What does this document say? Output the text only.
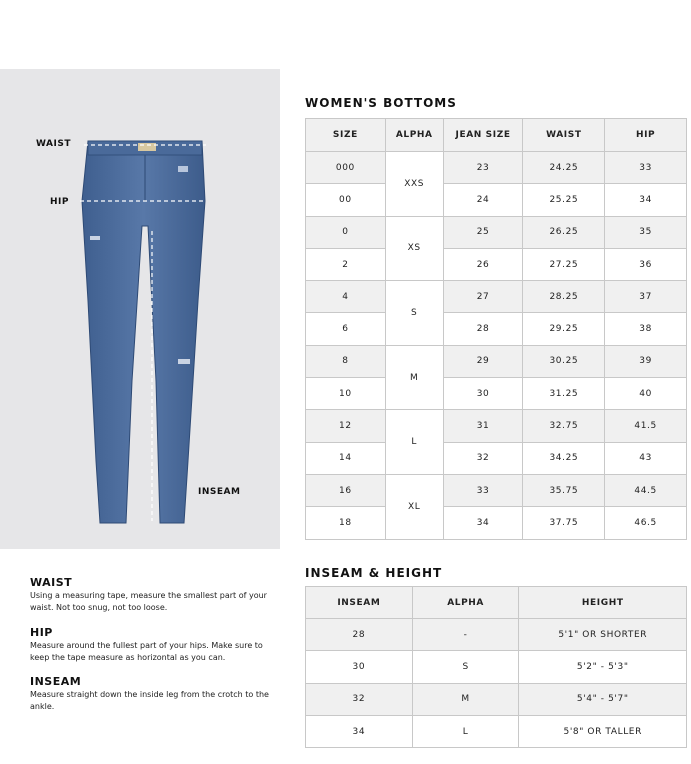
WAIST
HIP
INSEAM
WOMEN'S BOTTOMS
SIZE	ALPHA	JEAN SIZE	WAIST	HIP
000	XXS	23	24.25	33
00		24	25.25	34
0	XS	25	26.25	35
2		26	27.25	36
4	S	27	28.25	37
6		28	29.25	38
8	M	29	30.25	39
10		30	31.25	40
12	L	31	32.75	41.5
14		32	34.25	43
16	XL	33	35.75	44.5
18		34	37.75	46.5
INSEAM & HEIGHT
INSEAM	ALPHA	HEIGHT
28	-	5'1" OR SHORTER
30	S	5'2" - 5'3"
32	M	5'4" - 5'7"
34	L	5'8" OR TALLER
WAIST

Using a measuring tape, measure the smallest part of your waist. Not too snug, not too loose.

HIP

Measure around the fullest part of your hips. Make sure to keep the tape measure as horizontal as you can.

INSEAM

Measure straight down the inside leg from the crotch to the ankle.
